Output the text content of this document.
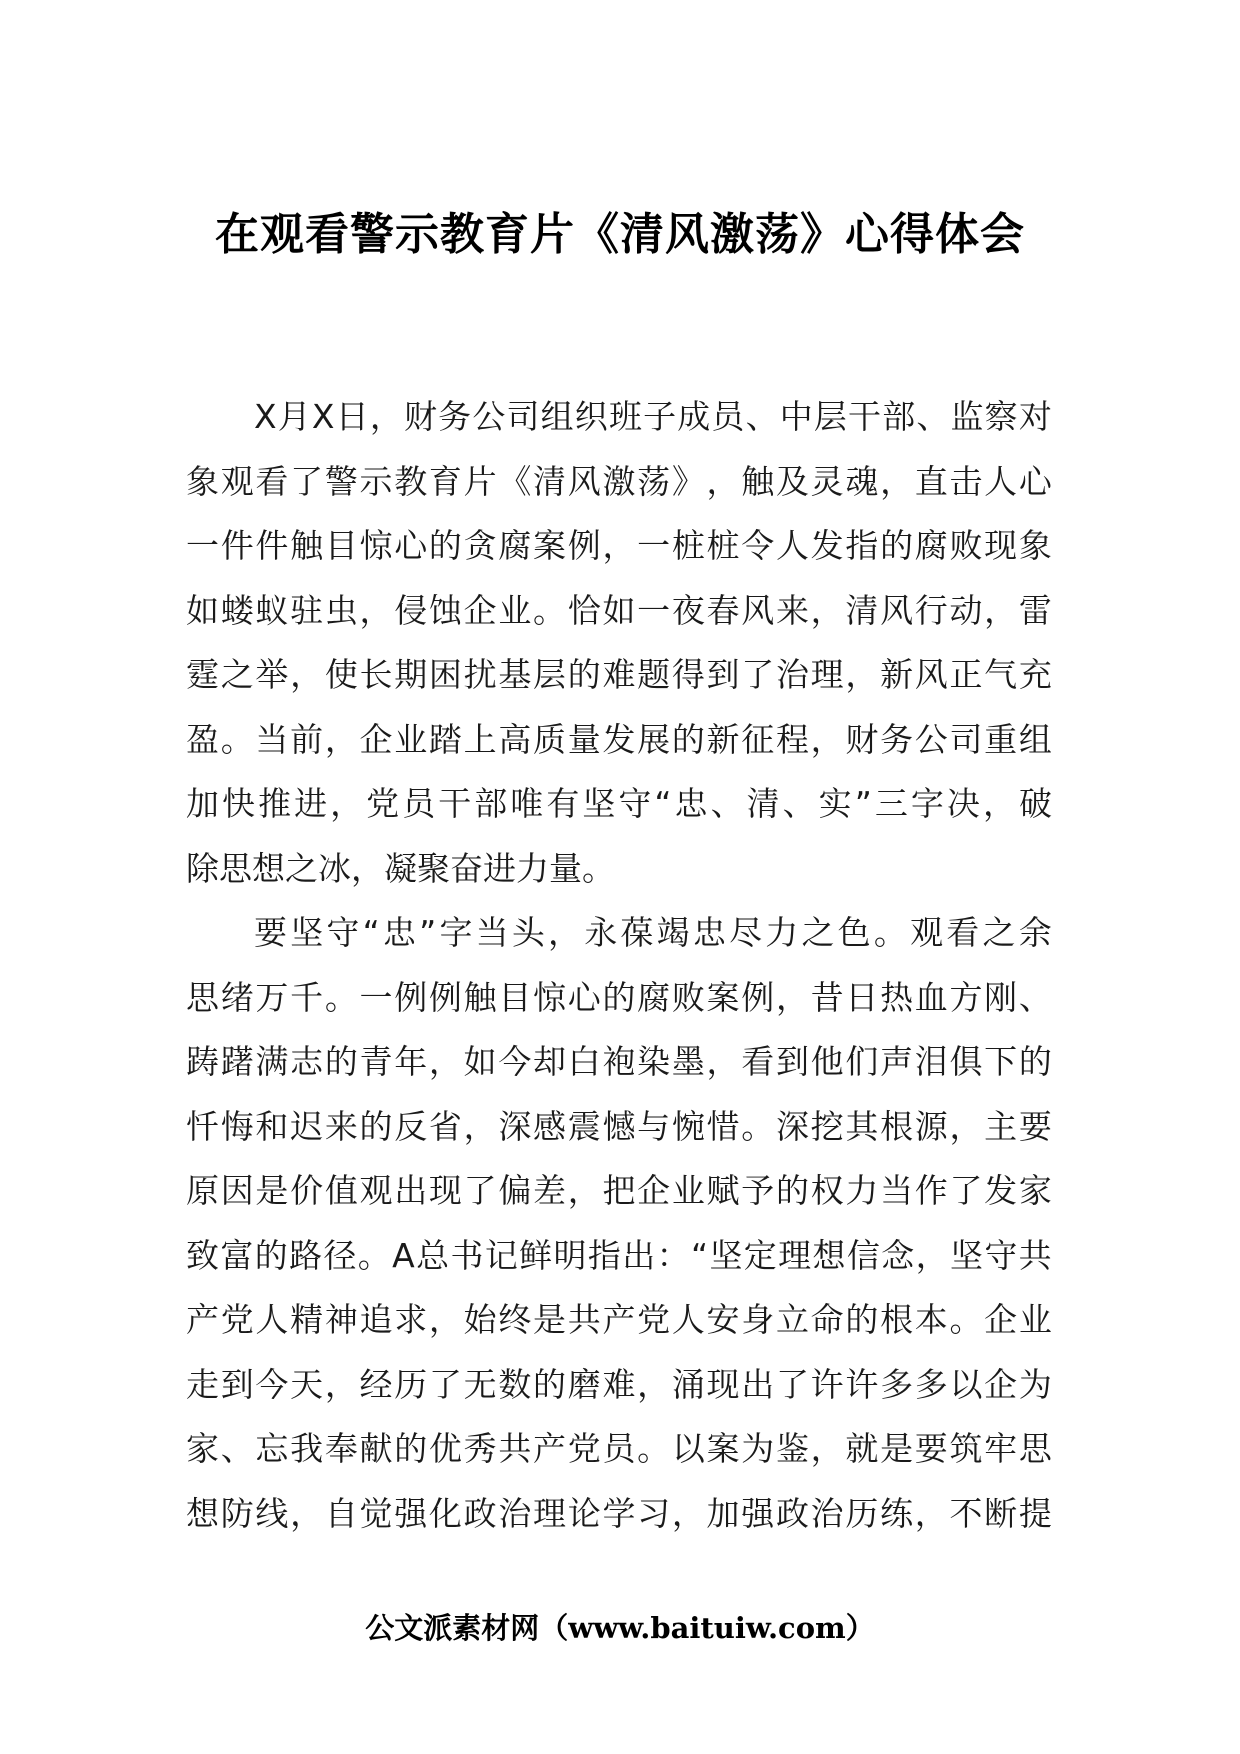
在观看警示教育片《清风激荡》心得体会
X 月 X 日 ， 财 务 公 司 组 织 班 子 成 员 、 中 层 干 部 、 监 察 对
象 观 看 了 警 示 教 育 片 《 清 风 激 荡 》 ， 触 及 灵 魂 ， 直 击 人 心
一 件 件 触 目 惊 心 的 贪 腐 案 例 ， 一 桩 桩 令 人 发 指 的 腐 败 现 象
如 蝼 蚁 驻 虫 ， 侵 蚀 企 业 。 恰 如 一 夜 春 风 来 ， 清 风 行 动 ， 雷
霆 之 举 ， 使 长 期 困 扰 基 层 的 难 题 得 到 了 治 理 ， 新 风 正 气 充
盈 。 当 前 ， 企 业 踏 上 高 质 量 发 展 的 新 征 程 ， 财 务 公 司 重 组
加 快 推 进 ， 党 员 干 部 唯 有 坚 守 “ 忠 、 清 、 实 ” 三 字 决 ， 破
除思想之冰，凝聚奋进力量。
要 坚 守 “ 忠 ” 字 当 头 ， 永 葆 竭 忠 尽 力 之 色 。 观 看 之 余
思 绪 万 千 。 一 例 例 触 目 惊 心 的 腐 败 案 例 ， 昔 日 热 血 方 刚 、
踌 躇 满 志 的 青 年 ， 如 今 却 白 袍 染 墨 ， 看 到 他 们 声 泪 俱 下 的
忏 悔 和 迟 来 的 反 省 ， 深 感 震 憾 与 惋 惜 。 深 挖 其 根 源 ， 主 要
原 因 是 价 值 观 出 现 了 偏 差 ， 把 企 业 赋 予 的 权 力 当 作 了 发 家
致 富 的 路 径 。 A 总 书 记 鲜 明 指 出 ： “ 坚 定 理 想 信 念 ， 坚 守 共
产 党 人 精 神 追 求 ， 始 终 是 共 产 党 人 安 身 立 命 的 根 本 。 企 业
走 到 今 天 ， 经 历 了 无 数 的 磨 难 ， 涌 现 出 了 许 许 多 多 以 企 为
家 、 忘 我 奉 献 的 优 秀 共 产 党 员 。 以 案 为 鉴 ， 就 是 要 筑 牢 思
想 防 线 ， 自 觉 强 化 政 治 理 论 学 习 ， 加 强 政 治 历 练 ， 不 断 提
公文派素材网（www.baituiw.com）
